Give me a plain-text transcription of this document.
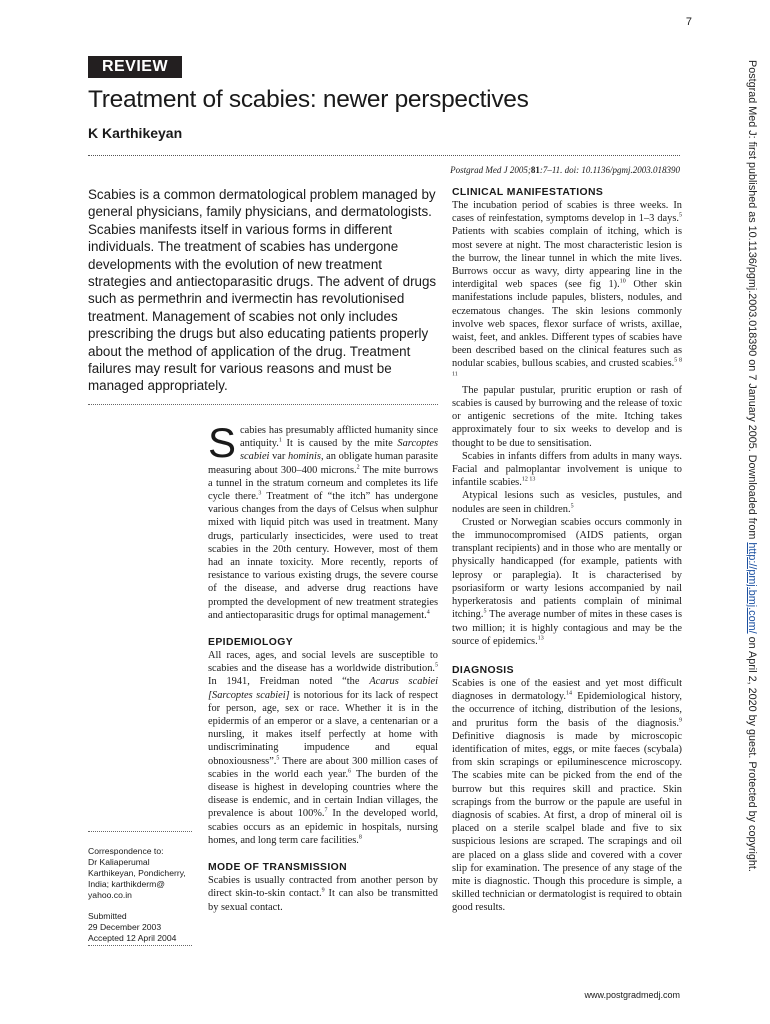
7
REVIEW
Treatment of scabies: newer perspectives
K Karthikeyan
Postgrad Med J 2005;81:7–11. doi: 10.1136/pgmj.2003.018390
Scabies is a common dermatological problem managed by general physicians, family physicians, and dermatologists. Scabies manifests itself in various forms in different individuals. The treatment of scabies has undergone developments with the evolution of new treatment strategies and antiectoparasitic drugs. The advent of drugs such as permethrin and ivermectin has revolutionised treatment. Management of scabies not only includes prescribing the drugs but also educating patients properly about the method of application of the drug. Treatment failures may result for various reasons and must be managed appropriately.

Scabies has presumably afflicted humanity since antiquity.$^1$ It is caused by the mite Sarcoptes scabiei var hominis, an obligate human parasite measuring about 300–400 microns.$^2$ The mite burrows a tunnel in the stratum corneum and completes its life cycle there.$^3$ Treatment of “the itch” has undergone various changes from the days of Celsus when sulphur mixed with liquid pitch was used in treatment. Many drugs, particularly insecticides, were used to treat scabies in the 20th century. However, most of them had an innate toxicity. More recently, reports of resistance to various existing drugs, the severe course of the disease, and adverse drug reactions have prompted the development of new treatment strategies and antiectoparasitic drugs for optimal management.$^4$

EPIDEMIOLOGY

All races, ages, and social levels are susceptible to scabies and the disease has a worldwide distribution.$^5$ In 1941, Freidman noted “the Acarus scabiei [Sarcoptes scabiei] is notorious for its lack of respect for person, age, sex or race. Whether it is in the epidermis of an emperor or a slave, a centenarian or a nursling, it makes itself perfectly at home with undiscriminating impudence and equal obnoxiousness”.$^5$ There are about 300 million cases of scabies in the world each year.$^6$ The burden of the disease is highest in developing countries where the disease is endemic, and in certain Indian villages, the prevalence is about 100%.$^7$ In the developed world, scabies occurs as an epidemic in hospitals, nursing homes, and long term care facilities.$^8$

MODE OF TRANSMISSION

Scabies is usually contracted from another person by direct skin-to-skin contact.$^9$ It can also be transmitted by sexual contact.

Correspondence to:
Dr Kaliaperumal
Karthikeyan, Pondicherry,
India; karthikderm@
yahoo.co.in
Submitted
29 December 2003
Accepted 12 April 2004
CLINICAL MANIFESTATIONS

The incubation period of scabies is three weeks. In cases of reinfestation, symptoms develop in 1–3 days.$^5$ Patients with scabies complain of itching, which is most severe at night. The most characteristic lesion is the burrow, the linear tunnel in which the mite lives. Burrows occur as wavy, dirty appearing line in the interdigital web spaces (see fig 1).$^{10}$ Other skin manifestations include papules, blisters, nodules, and eczematous changes. The skin lesions commonly involve web spaces, flexor surface of wrists, axillae, waist, feet, and ankles. Different types of scabies have been described based on the clinical features such as nodular scabies, bullous scabies, and crusted scabies.$^{5 8 11}$

The papular pustular, pruritic eruption or rash of scabies is caused by burrowing and the release of toxic or antigenic secretions of the mite. Itching takes approximately four to six weeks to develop and is thought to be due to sensitisation.

Scabies in infants differs from adults in many ways. Facial and palmoplantar involvement is unique to infantile scabies.$^{12 13}$

Atypical lesions such as vesicles, pustules, and nodules are seen in children.$^5$

Crusted or Norwegian scabies occurs commonly in the immunocompromised (AIDS patients, organ transplant recipients) and in those who are mentally or physically handicapped (for example, patients with leprosy or paraplegia). It is characterised by psoriasiform or warty lesions accompanied by nail hyperkeratosis and patients complain of minimal itching.$^5$ The average number of mites in these cases is two million; it is highly contagious and may be the source of epidemics.$^{13}$

DIAGNOSIS

Scabies is one of the easiest and yet most difficult diagnoses in dermatology.$^{14}$ Epidemiological history, the occurrence of itching, distribution of the lesions, and pruritus form the basis of the diagnosis.$^9$ Definitive diagnosis is made by microscopic identification of mites, eggs, or mite faeces (scybala) from skin scrapings or epiluminescence microscopy. The scabies mite can be picked from the end of the burrow but this requires skill and practice. Skin scrapings from the burrow or the papule are useful in diagnosis of scabies. At first, a drop of mineral oil is placed on a sterile scalpel blade and five to six suspicious lesions are scraped. The scrapings and oil are placed on a glass slide and covered with a cover slip for examination. The presence of any stage of the mite is diagnostic. Though this procedure is simple, a skilled technician or dermatologist is required to obtain good results.

www.postgradmedj.com
Postgrad Med J: first published as 10.1136/pgmj.2003.018390 on 7 January 2005. Downloaded from http://pmj.bmj.com/ on April 2, 2020 by guest. Protected by copyright.
